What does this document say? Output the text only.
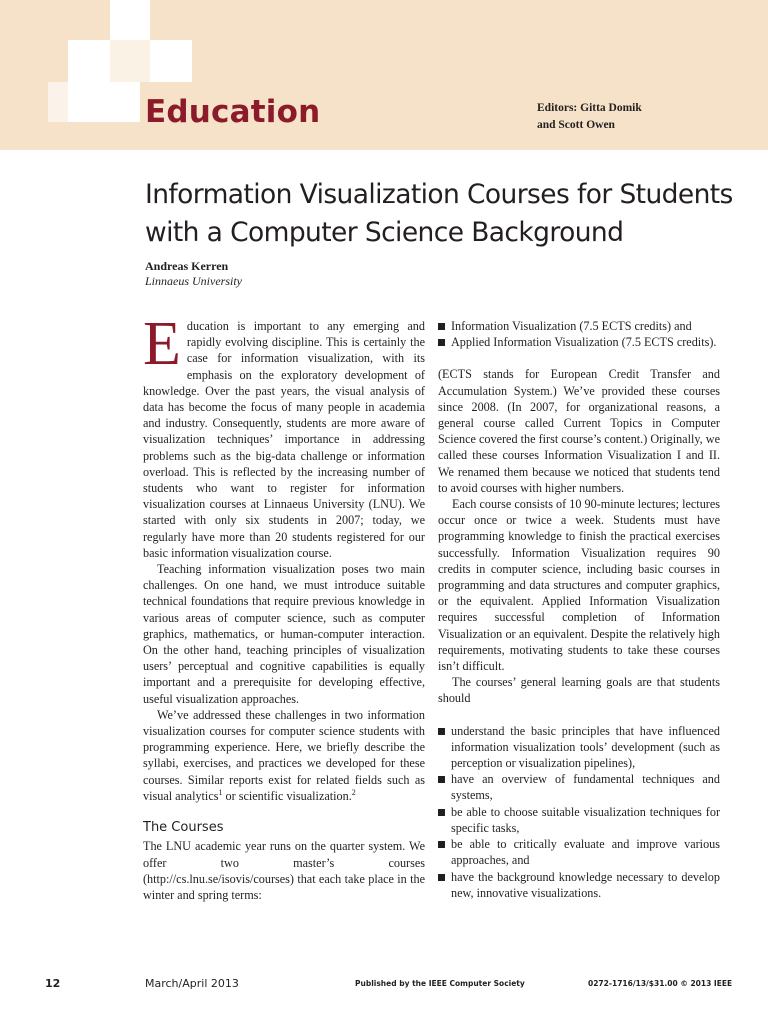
Education	Editors: Gitta Domik
and Scott Owen
Information Visualization Courses for Students with a Computer Science Background
Andreas Kerren
Linnaeus University

Education is important to any emerging and rapidly evolving discipline. This is certainly the case for information visualization, with its emphasis on the exploratory development of knowledge. Over the past years, the visual analysis of data has become the focus of many people in academia and industry. Consequently, students are more aware of visualization techniques’ importance in addressing problems such as the big-data challenge or information overload. This is reflected by the increasing number of students who want to register for information visualization courses at Linnaeus University (LNU). We started with only six students in 2007; today, we regularly have more than 20 students registered for our basic information visualization course.

Teaching information visualization poses two main challenges. On one hand, we must introduce suitable technical foundations that require previous knowledge in various areas of computer science, such as computer graphics, mathematics, or human-computer interaction. On the other hand, teaching principles of visualization users’ perceptual and cognitive capabilities is equally important and a prerequisite for developing effective, useful visualization approaches.

We’ve addressed these challenges in two information visualization courses for computer science students with programming experience. Here, we briefly describe the syllabi, exercises, and practices we developed for these courses. Similar reports exist for related fields such as visual analytics$^1$ or scientific visualization.$^2$

The Courses

The LNU academic year runs on the quarter system. We offer two master’s courses (http://cs.lnu.se/isovis/courses) that each take place in the winter and spring terms:

Information Visualization (7.5 ECTS credits) and
Applied Information Visualization (7.5 ECTS credits).

(ECTS stands for European Credit Transfer and Accumulation System.) We’ve provided these courses since 2008. (In 2007, for organizational reasons, a general course called Current Topics in Computer Science covered the first course’s content.) Originally, we called these courses Information Visualization I and II. We renamed them because we noticed that students tend to avoid courses with higher numbers.

Each course consists of 10 90-minute lectures; lectures occur once or twice a week. Students must have programming knowledge to finish the practical exercises successfully. Information Visualization requires 90 credits in computer science, including basic courses in programming and data structures and computer graphics, or the equivalent. Applied Information Visualization requires successful completion of Information Visualization or an equivalent. Despite the relatively high requirements, motivating students to take these courses isn’t difficult.

The courses’ general learning goals are that students should

understand the basic principles that have influenced information visualization tools’ development (such as perception or visualization pipelines),
have an overview of fundamental techniques and systems,
be able to choose suitable visualization techniques for specific tasks,
be able to critically evaluate and improve various approaches, and
have the background knowledge necessary to develop new, innovative visualizations.
12	March/April 2013	Published by the IEEE Computer Society	0272-1716/13/$31.00 © 2013 IEEE
